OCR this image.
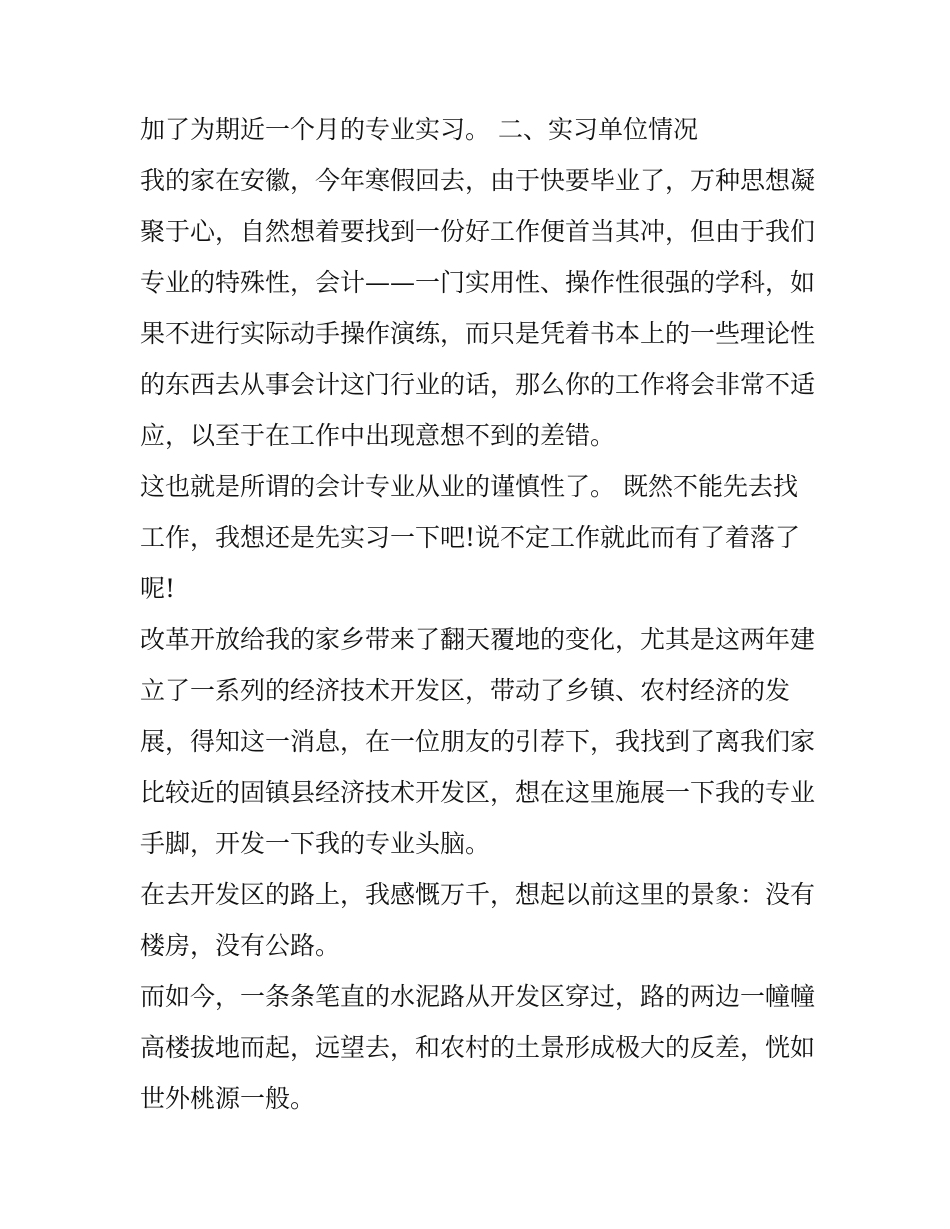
加了为期近一个月的专业实习。 二、实习单位情况
我的家在安徽，今年寒假回去，由于快要毕业了，万种思想凝
聚于心，自然想着要找到一份好工作便首当其冲，但由于我们
专业的特殊性，会计——一门实用性、操作性很强的学科，如
果不进行实际动手操作演练，而只是凭着书本上的一些理论性
的东西去从事会计这门行业的话，那么你的工作将会非常不适
应，以至于在工作中出现意想不到的差错。
这也就是所谓的会计专业从业的谨慎性了。 既然不能先去找
工作，我想还是先实习一下吧!说不定工作就此而有了着落了
呢!
改革开放给我的家乡带来了翻天覆地的变化，尤其是这两年建
立了一系列的经济技术开发区，带动了乡镇、农村经济的发
展，得知这一消息，在一位朋友的引荐下，我找到了离我们家
比较近的固镇县经济技术开发区，想在这里施展一下我的专业
手脚，开发一下我的专业头脑。
在去开发区的路上，我感慨万千，想起以前这里的景象：没有
楼房，没有公路。
而如今，一条条笔直的水泥路从开发区穿过，路的两边一幢幢
高楼拔地而起，远望去，和农村的土景形成极大的反差，恍如
世外桃源一般。
